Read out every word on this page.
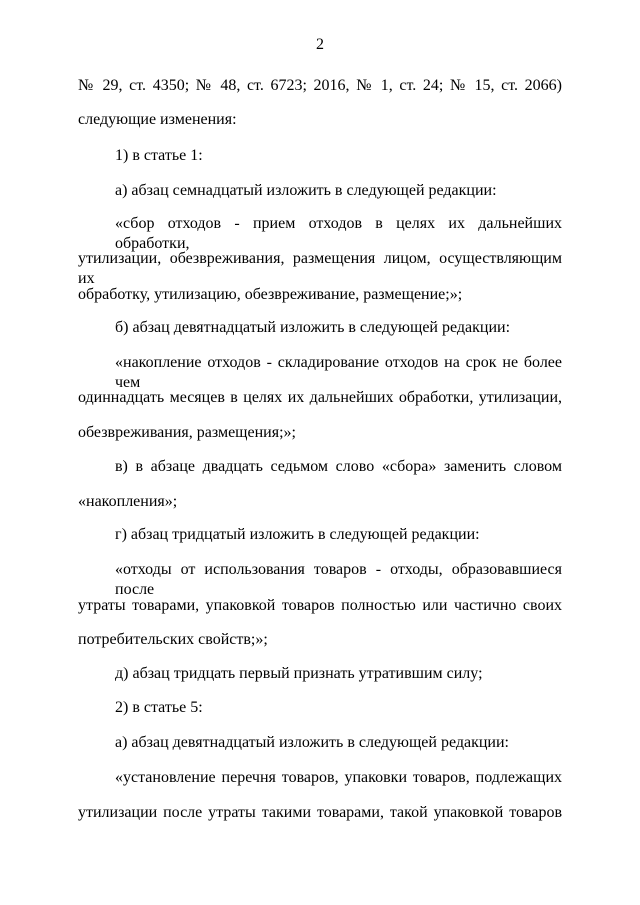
2
№ 29, ст. 4350; № 48, ст. 6723; 2016, № 1, ст. 24; № 15, ст. 2066)
следующие изменения:
1) в статье 1:
а) абзац семнадцатый изложить в следующей редакции:
«сбор отходов - прием отходов в целях их дальнейших обработки,
утилизации, обезвреживания, размещения лицом, осуществляющим их
обработку, утилизацию, обезвреживание, размещение;»;
б) абзац девятнадцатый изложить в следующей редакции:
«накопление отходов - складирование отходов на срок не более чем
одиннадцать месяцев в целях их дальнейших обработки, утилизации,
обезвреживания, размещения;»;
в) в абзаце двадцать седьмом слово «сбора» заменить словом
«накопления»;
г) абзац тридцатый изложить в следующей редакции:
«отходы от использования товаров - отходы, образовавшиеся после
утраты товарами, упаковкой товаров полностью или частично своих
потребительских свойств;»;
д) абзац тридцать первый признать утратившим силу;
2) в статье 5:
а) абзац девятнадцатый изложить в следующей редакции:
«установление перечня товаров, упаковки товаров, подлежащих
утилизации после утраты такими товарами, такой упаковкой товаров
